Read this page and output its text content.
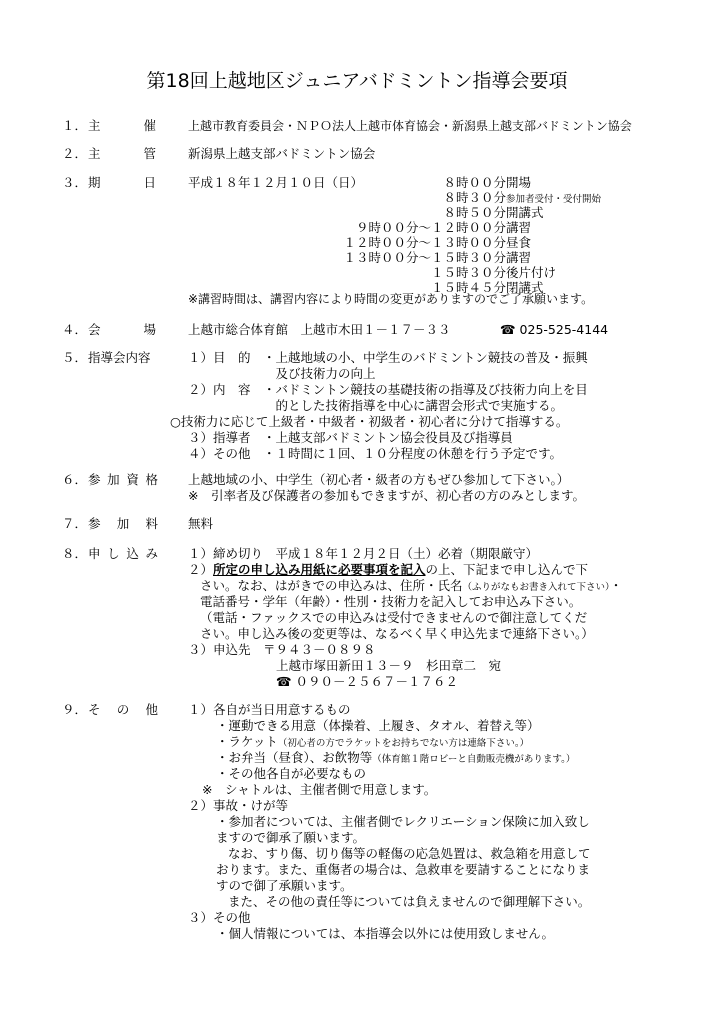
第18回上越地区ジュニアバドミントン指導会要項
１． 主	催	上越市教育委員会・ＮＰＯ法人上越市体育協会・新潟県上越支部バドミントン協会
２． 主	管	新潟県上越支部バドミントン協会
３． 期	日	平成１８年１２月１０日（日）	８時００分 開場
８時３０分 参加者受付・受付開始
８時５０分 開講式
９時００分～１２時００分 講習
１２時００分～１３時００分 昼食
１３時００分～１５時３０分 講習
１５時３０分 後片付け
１５時４５分 閉講式
※講習時間は、講習内容により時間の変更がありますのでご了承願います。
４． 会	場	上越市総合体育館　上越市木田１－１７－３３	☎ 025-525-4144
５． 指導会内容	１）目　的　・上越地域の小、中学生のバドミントン競技の普及・振興
　　　　　　　及び技術力の向上
２）内　容　・バドミントン競技の基礎技術の指導及び技術力向上を目
　　　　　　　的とした技術指導を中心に講習会形式で実施する。
○技術力に応じて上級者・中級者・初級者・初心者に分けて指導する。
３）指導者　・上越支部バドミントン協会役員及び指導員
４）その他　・１時間に１回、１０分程度の休憩を行う予定です。
６． 参 加 資 格 上越地域の小、中学生（初心者・級者の方もぜひ参加して下さい。）
※　引率者及び保護者の参加もできますが、初心者の方のみとします。
７． 参 加 料 無料
８． 申 し 込 み １）締め切り　平成１８年１２月２日（土）必着（期限厳守）
２）所定の申し込み用紙に必要事項を記入の上、下記まで申し込んで下
さい。なお、はがきでの申込みは、住所・氏名（ふりがなもお書き入れて下さい）・
電話番号・学年（年齢）・性別・技術力を記入してお申込み下さい。
（電話・ファックスでの申込みは受付できませんので御注意してくだ
さい。申し込み後の変更等は、なるべく早く申込先まで連絡下さい。）
３）申込先　〒９４３－０８９８
上越市塚田新田１３－９　杉田章二　宛
☎ ０９０－２５６７－１７６２
９． そ の 他 １）各自が当日用意するもの
・運動できる用意（体操着、上履き、タオル、着替え等）
・ラケット（初心者の方でラケットをお持ちでない方は連絡下さい。）
・お弁当（昼食）、お飲物等（体育館１階ロビーと自動販売機があります。）
・その他各自が必要なもの
※　シャトルは、主催者側で用意します。
２）事故・けが等
・参加者については、主催者側でレクリエーション保険に加入致し
ますので御承了願います。
なお、すり傷、切り傷等の軽傷の応急処置は、救急箱を用意して
おります。また、重傷者の場合は、急救車を要請することになりま
すので御了承願います。
また、その他の責任等については負えませんので御理解下さい。
３）その他
・個人情報については、本指導会以外には使用致しません。
